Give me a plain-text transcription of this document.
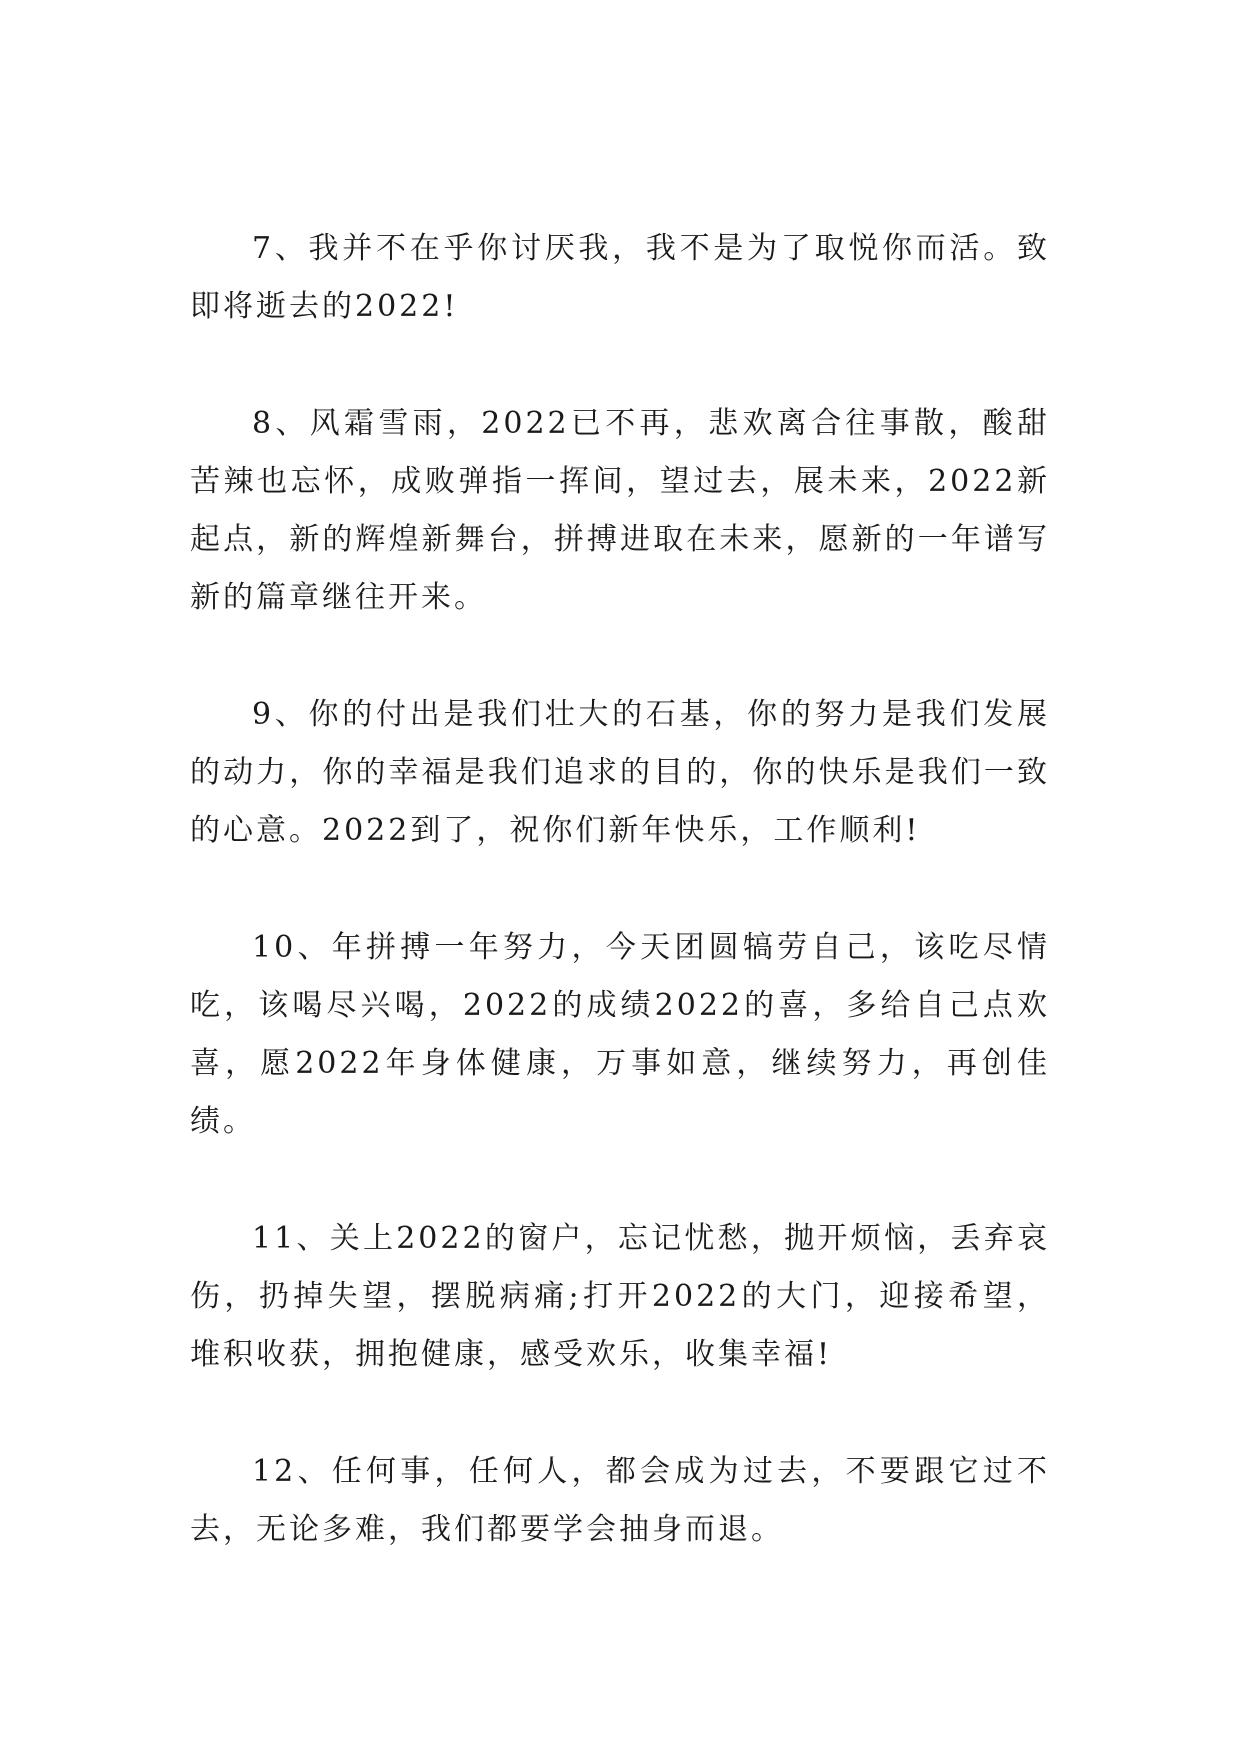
7、我并不在乎你讨厌我，我不是为了取悦你而活。致即将逝去的2022!

8、风霜雪雨，2022已不再，悲欢离合往事散，酸甜苦辣也忘怀，成败弹指一挥间，望过去，展未来，2022新起点，新的辉煌新舞台，拼搏进取在未来，愿新的一年谱写新的篇章继往开来。

9、你的付出是我们壮大的石基，你的努力是我们发展的动力，你的幸福是我们追求的目的，你的快乐是我们一致的心意。2022到了，祝你们新年快乐，工作顺利!

10、年拼搏一年努力，今天团圆犒劳自己，该吃尽情吃，该喝尽兴喝，2022的成绩2022的喜，多给自己点欢喜，愿2022年身体健康，万事如意，继续努力，再创佳绩。

11、关上2022的窗户，忘记忧愁，抛开烦恼，丢弃哀伤，扔掉失望，摆脱病痛;打开2022的大门，迎接希望，堆积收获，拥抱健康，感受欢乐，收集幸福!

12、任何事，任何人，都会成为过去，不要跟它过不去，无论多难，我们都要学会抽身而退。
